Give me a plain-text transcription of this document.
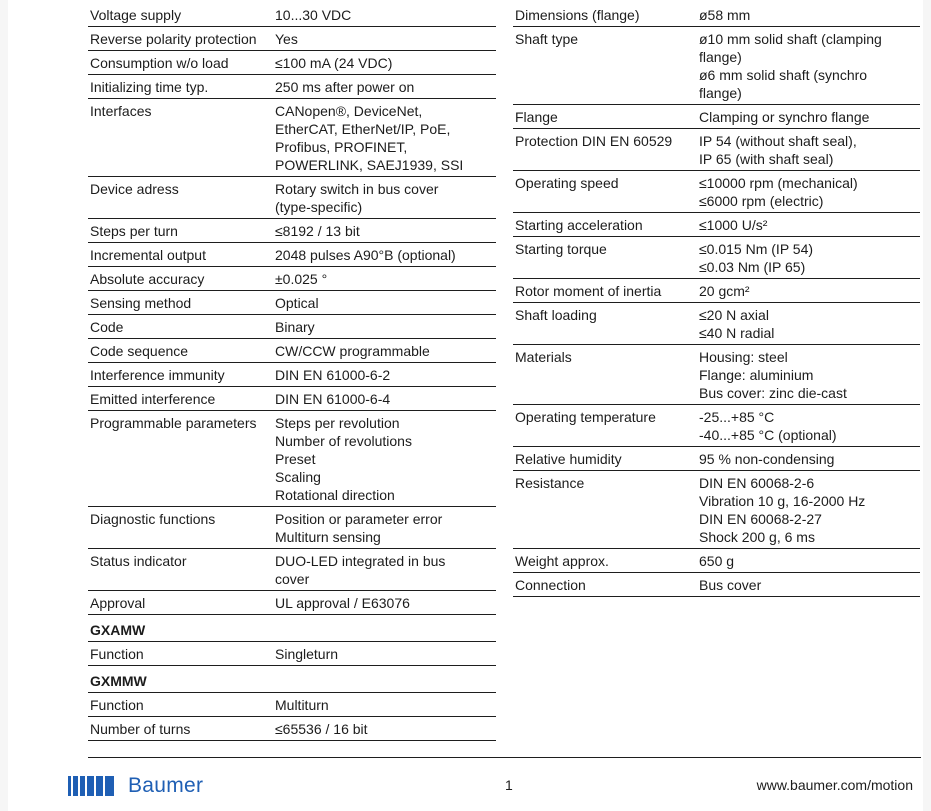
Voltage supply	10...30 VDC

Reverse polarity protection	Yes

Consumption w/o load	≤100 mA (24 VDC)

Initializing time typ.	250 ms after power on

Interfaces	CANopen®, DeviceNet,
EtherCAT, EtherNet/IP, PoE,
Profibus, PROFINET,
POWERLINK, SAEJ1939, SSI

Device adress	Rotary switch in bus cover
(type-specific)

Steps per turn	≤8192 / 13 bit

Incremental output	2048 pulses A90°B (optional)

Absolute accuracy	±0.025 °

Sensing method	Optical

Code	Binary

Code sequence	CW/CCW programmable

Interference immunity	DIN EN 61000-6-2

Emitted interference	DIN EN 61000-6-4

Programmable parameters	Steps per revolution
Number of revolutions
Preset
Scaling
Rotational direction

Diagnostic functions	Position or parameter error
Multiturn sensing

Status indicator	DUO-LED integrated in bus
cover

Approval	UL approval / E63076

GXAMW	
Function	Singleturn

GXMMW	
Function	Multiturn

Number of turns	≤65536 / 16 bit
Dimensions (flange)	ø58 mm

Shaft type	ø10 mm solid shaft (clamping
flange)
ø6 mm solid shaft (synchro
flange)

Flange	Clamping or synchro flange

Protection DIN EN 60529	IP 54 (without shaft seal),
IP 65 (with shaft seal)

Operating speed	≤10000 rpm (mechanical)
≤6000 rpm (electric)

Starting acceleration	≤1000 U/s²

Starting torque	≤0.015 Nm (IP 54)
≤0.03 Nm (IP 65)

Rotor moment of inertia	20 gcm²

Shaft loading	≤20 N axial
≤40 N radial

Materials	Housing: steel
Flange: aluminium
Bus cover: zinc die-cast

Operating temperature	-25...+85 °C
-40...+85 °C (optional)

Relative humidity	95 % non-condensing

Resistance	DIN EN 60068-2-6
Vibration 10 g, 16-2000 Hz
DIN EN 60068-2-27
Shock 200 g, 6 ms

Weight approx.	650 g

Connection	Bus cover
Baumer	1	www.baumer.com/motion
